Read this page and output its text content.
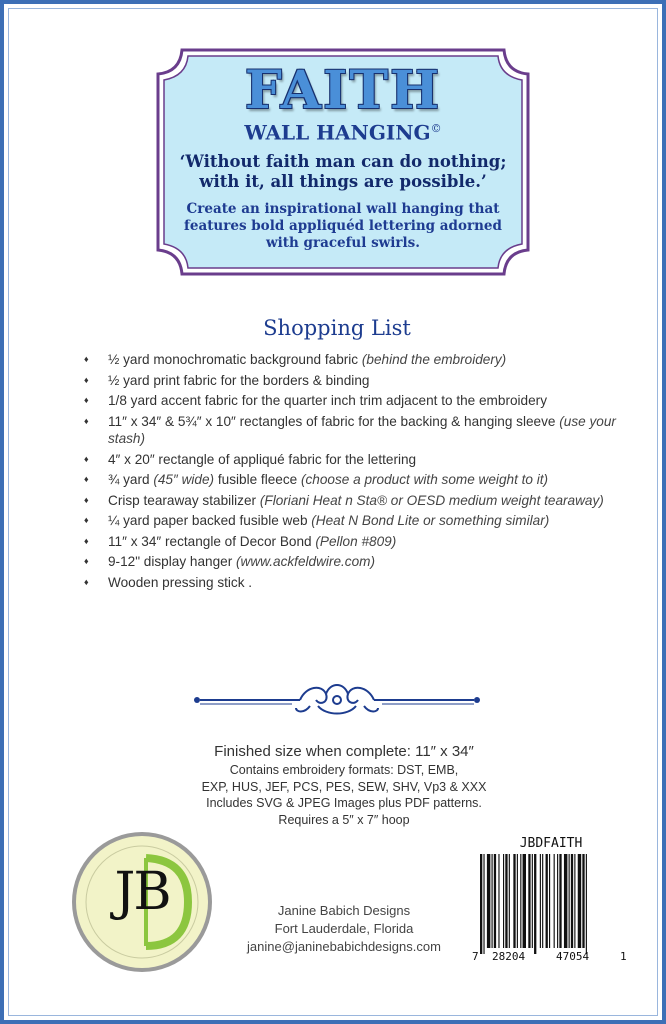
FAITH
WALL HANGING©
‘Without faith man can do nothing;
with it, all things are possible.’
Create an inspirational wall hanging that features bold appliquéd lettering adorned with graceful swirls.
Shopping List
♦ ½ yard monochromatic background fabric (behind the embroidery)
♦ ½ yard print fabric for the borders & binding
♦ 1/8 yard accent fabric for the quarter inch trim adjacent to the embroidery
♦ 11″ x 34″ & 5¾″ x 10″ rectangles of fabric for the backing & hanging sleeve (use your stash)
♦ 4″ x 20″ rectangle of appliqué fabric for the lettering
♦ ¾ yard (45″ wide) fusible fleece (choose a product with some weight to it)
♦ Crisp tearaway stabilizer (Floriani Heat n Sta® or OESD medium weight tearaway)
♦ ¼ yard paper backed fusible web (Heat N Bond Lite or something similar)
♦ 11″ x 34″ rectangle of Decor Bond (Pellon #809)
♦ 9-12" display hanger (www.ackfeldwire.com)
♦ Wooden pressing stick .
Finished size when complete: 11″ x 34″
Contains embroidery formats: DST, EMB,
EXP, HUS, JEF, PCS, PES, SEW, SHV, Vp3 & XXX
Includes SVG & JPEG Images plus PDF patterns.
Requires a 5″ x 7″ hoop
JB	Janine Babich Designs
Fort Lauderdale, Florida
janine@janinebabichdesigns.com
JBDFAITH
7 28204	47054	1
